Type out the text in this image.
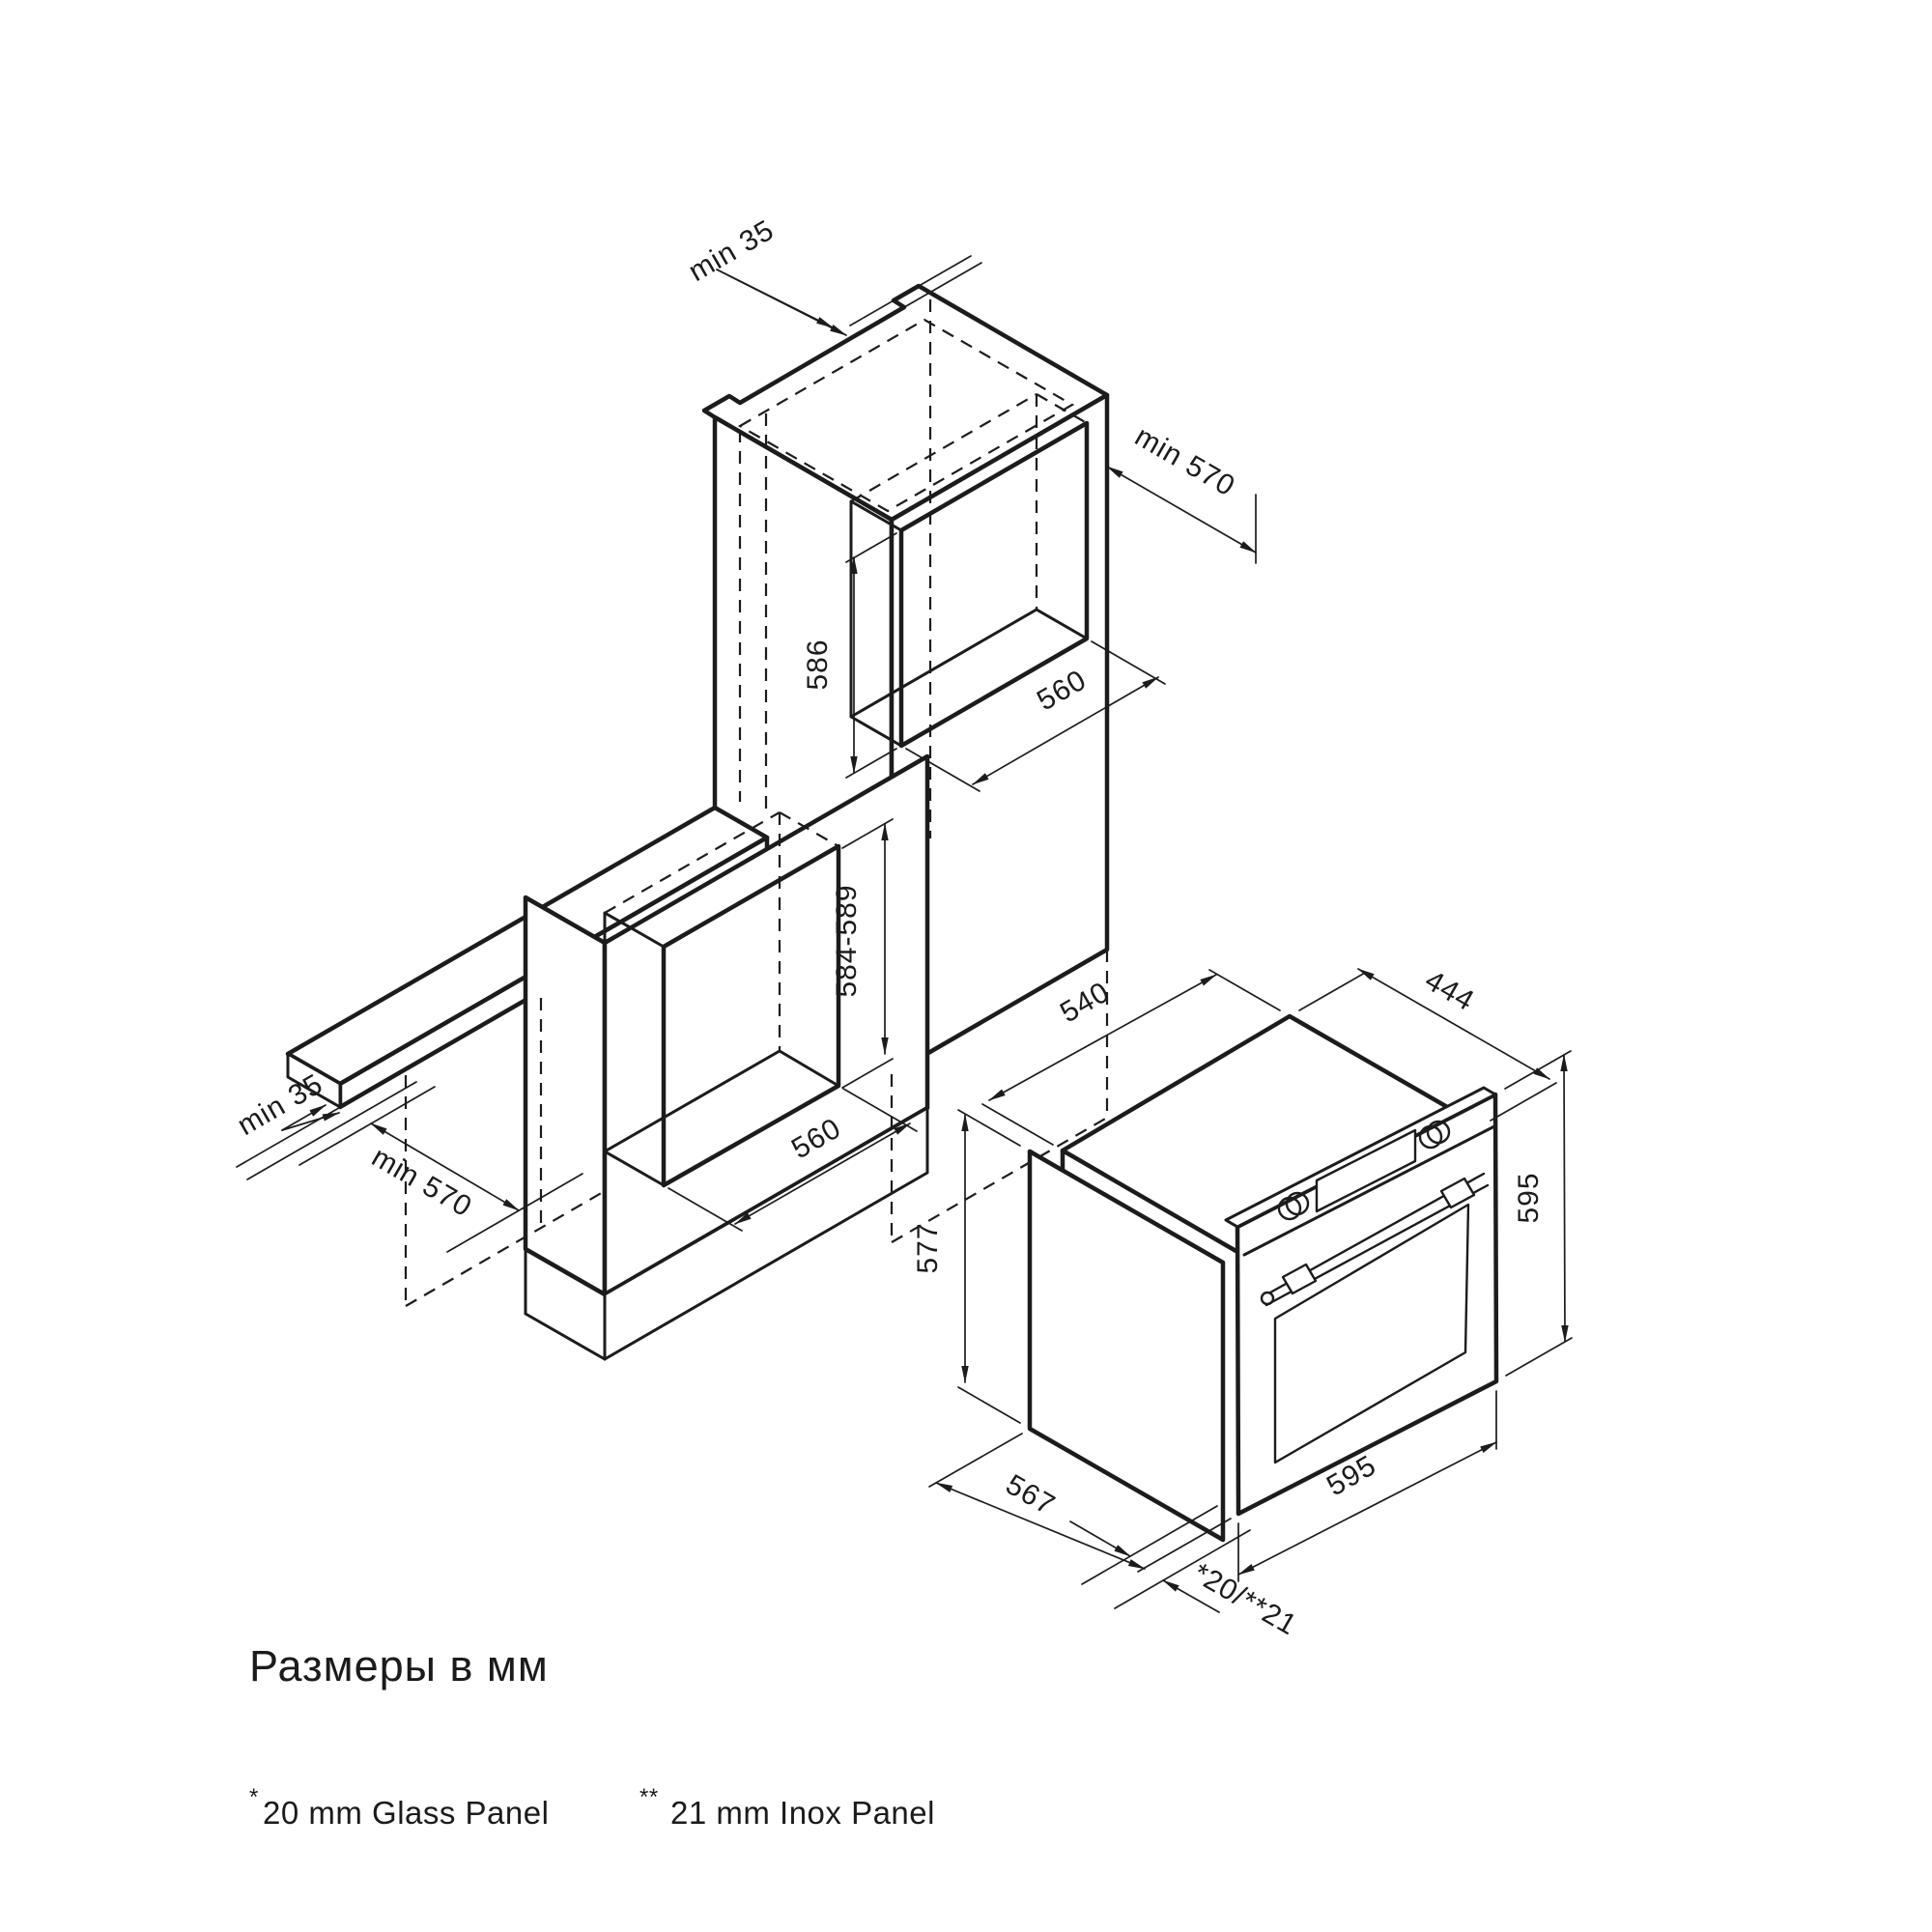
min 35
min 570
586	560
584-589
560
min 35
min 570
540	444
577
595
595
567
*20/**21
Размеры в мм
* 20 mm Glass Panel	** 21 mm Inox Panel
